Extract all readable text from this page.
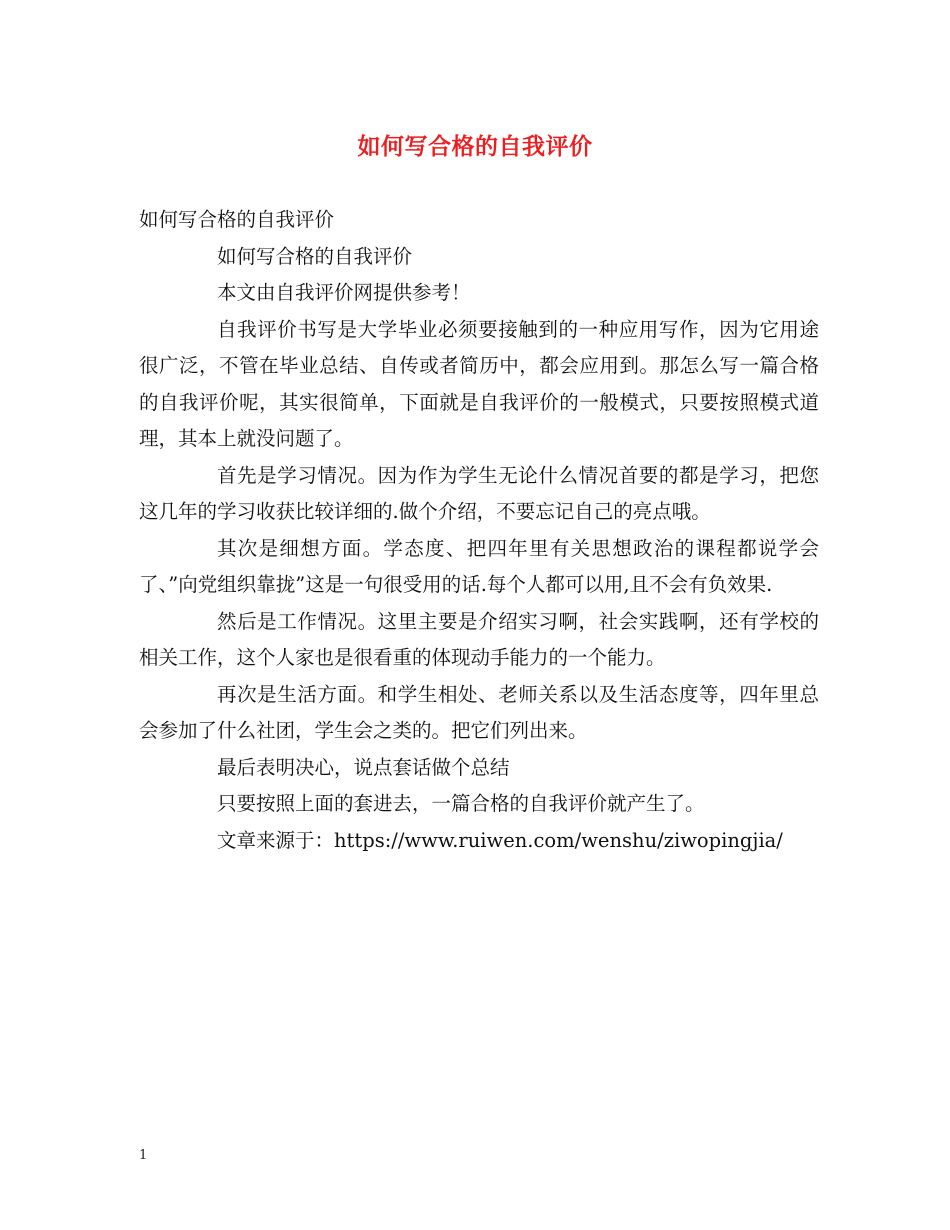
如何写合格的自我评价

如何写合格的自我评价

如何写合格的自我评价

本文由自我评价网提供参考！

自我评价书写是大学毕业必须要接触到的一种应用写作，因为它用途很广泛，不管在毕业总结、自传或者简历中，都会应用到。那怎么写一篇合格的自我评价呢，其实很简单，下面就是自我评价的一般模式，只要按照模式道理，其本上就没问题了。

首先是学习情况。因为作为学生无论什么情况首要的都是学习，把您这几年的学习收获比较详细的.做个介绍，不要忘记自己的亮点哦。

其次是细想方面。学态度、把四年里有关思想政治的课程都说学会了、”向党组织靠拢”这是一句很受用的话.每个人都可以用,且不会有负效果.

然后是工作情况。这里主要是介绍实习啊，社会实践啊，还有学校的相关工作，这个人家也是很看重的体现动手能力的一个能力。

再次是生活方面。和学生相处、老师关系以及生活态度等，四年里总会参加了什么社团，学生会之类的。把它们列出来。

最后表明决心，说点套话做个总结

只要按照上面的套进去，一篇合格的自我评价就产生了。

文章来源于：https://www.ruiwen.com/wenshu/ziwopingjia/

1
